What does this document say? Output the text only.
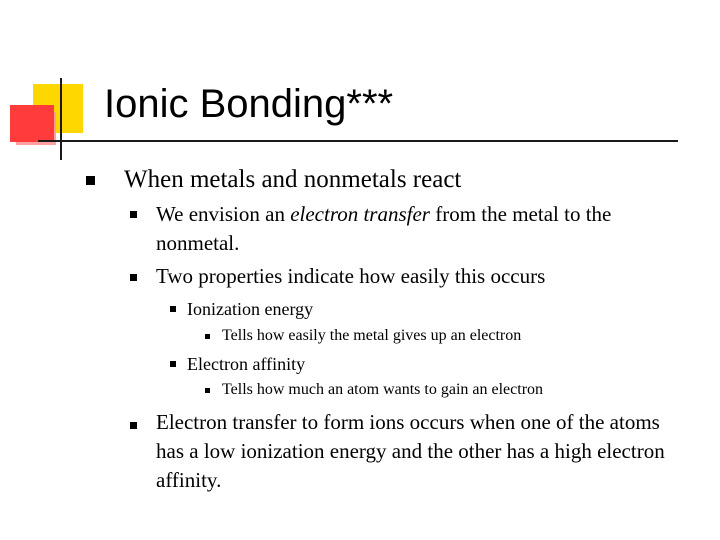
Ionic Bonding***

When metals and nonmetals react

We envision an electron transfer from the metal to the nonmetal.

Two properties indicate how easily this occurs

Ionization energy

Tells how easily the metal gives up an electron

Electron affinity

Tells how much an atom wants to gain an electron

Electron transfer to form ions occurs when one of the atoms has a low ionization energy and the other has a high electron affinity.
